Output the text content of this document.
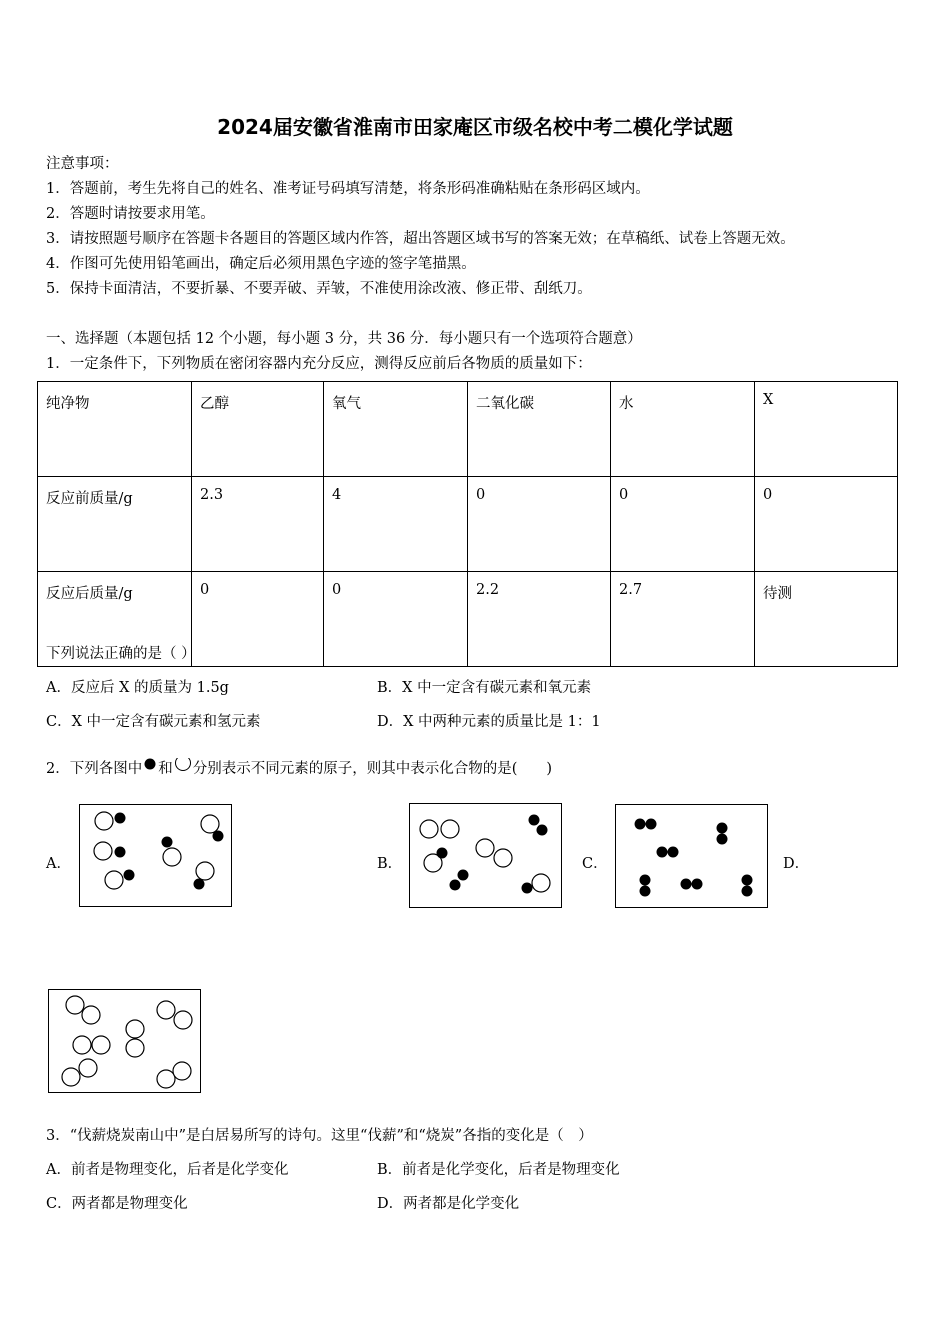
2024届安徽省淮南市田家庵区市级名校中考二模化学试题
注意事项：
1．答题前，考生先将自己的姓名、准考证号码填写清楚，将条形码准确粘贴在条形码区域内。
2．答题时请按要求用笔。
3．请按照题号顺序在答题卡各题目的答题区域内作答，超出答题区域书写的答案无效；在草稿纸、试卷上答题无效。
4．作图可先使用铅笔画出，确定后必须用黑色字迹的签字笔描黑。
5．保持卡面清洁，不要折暴、不要弄破、弄皱，不准使用涂改液、修正带、刮纸刀。
一、选择题（本题包括 12 个小题，每小题 3 分，共 36 分．每小题只有一个选项符合题意）
1．一定条件下，下列物质在密闭容器内充分反应，测得反应前后各物质的质量如下：
纯净物	乙醇	氧气	二氧化碳	水	X
反应前质量/g	2.3	4	0	0	0
反应后质量/g	0	0	2.2	2.7	待测
下列说法正确的是（ ）
A．反应后 X 的质量为 1.5g	B．X 中一定含有碳元素和氧元素
C．X 中一定含有碳元素和氢元素	D．X 中两种元素的质量比是 1：1
2．下列各图中 和 分别表示不同元素的原子，则其中表示化合物的是(　　)
A．	B．	C．	D．
3．“伐薪烧炭南山中”是白居易所写的诗句。这里“伐薪”和“烧炭”各指的变化是（　）
A．前者是物理变化，后者是化学变化	B．前者是化学变化，后者是物理变化
C．两者都是物理变化	D．两者都是化学变化
